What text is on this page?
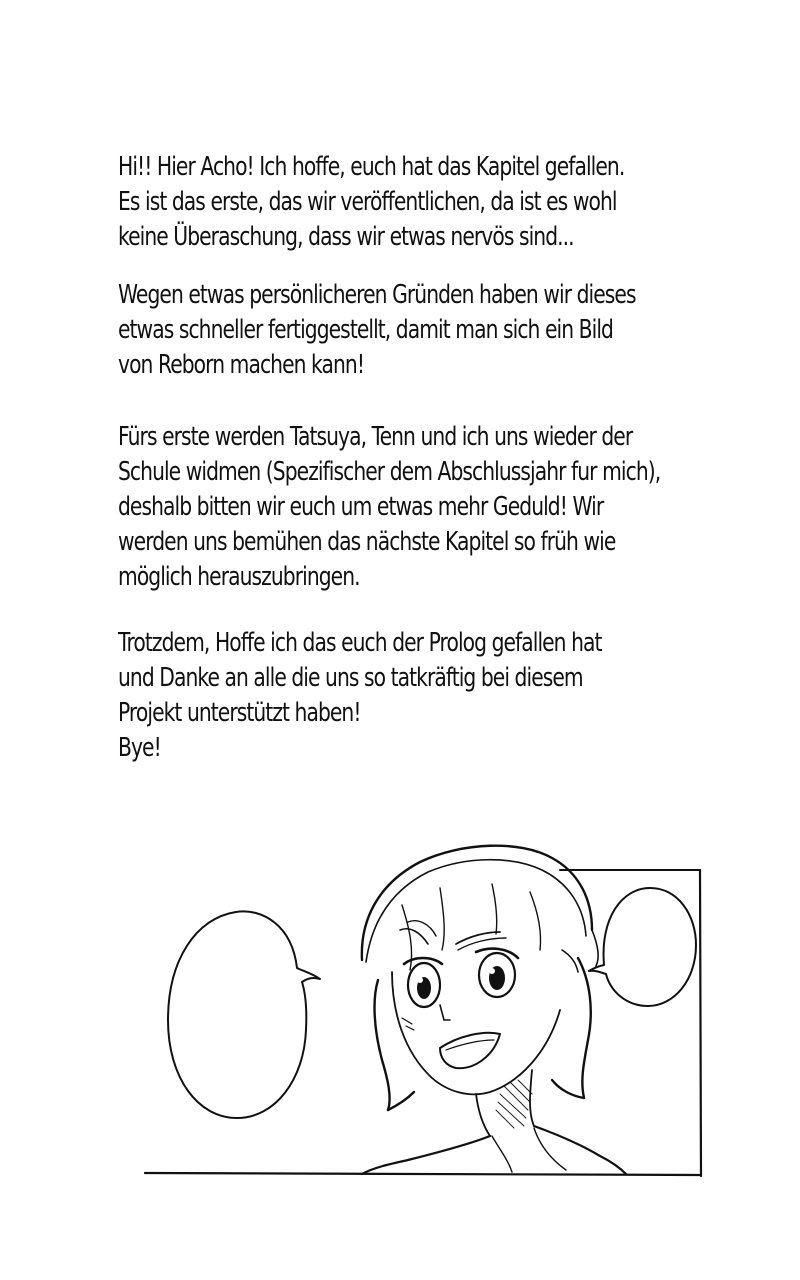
Hi!! Hier Acho! Ich hoffe, euch hat das Kapitel gefallen.
Es ist das erste, das wir veröffentlichen, da ist es wohl
keine Überaschung, dass wir etwas nervös sind...

Wegen etwas persönlicheren Gründen haben wir dieses
etwas schneller fertiggestellt, damit man sich ein Bild
von Reborn machen kann!

Fürs erste werden Tatsuya, Tenn und ich uns wieder der
Schule widmen (Spezifischer dem Abschlussjahr fur mich),
deshalb bitten wir euch um etwas mehr Geduld! Wir
werden uns bemühen das nächste Kapitel so früh wie
möglich herauszubringen.

Trotzdem, Hoffe ich das euch der Prolog gefallen hat
und Danke an alle die uns so tatkräftig bei diesem
Projekt unterstützt haben!
Bye!
